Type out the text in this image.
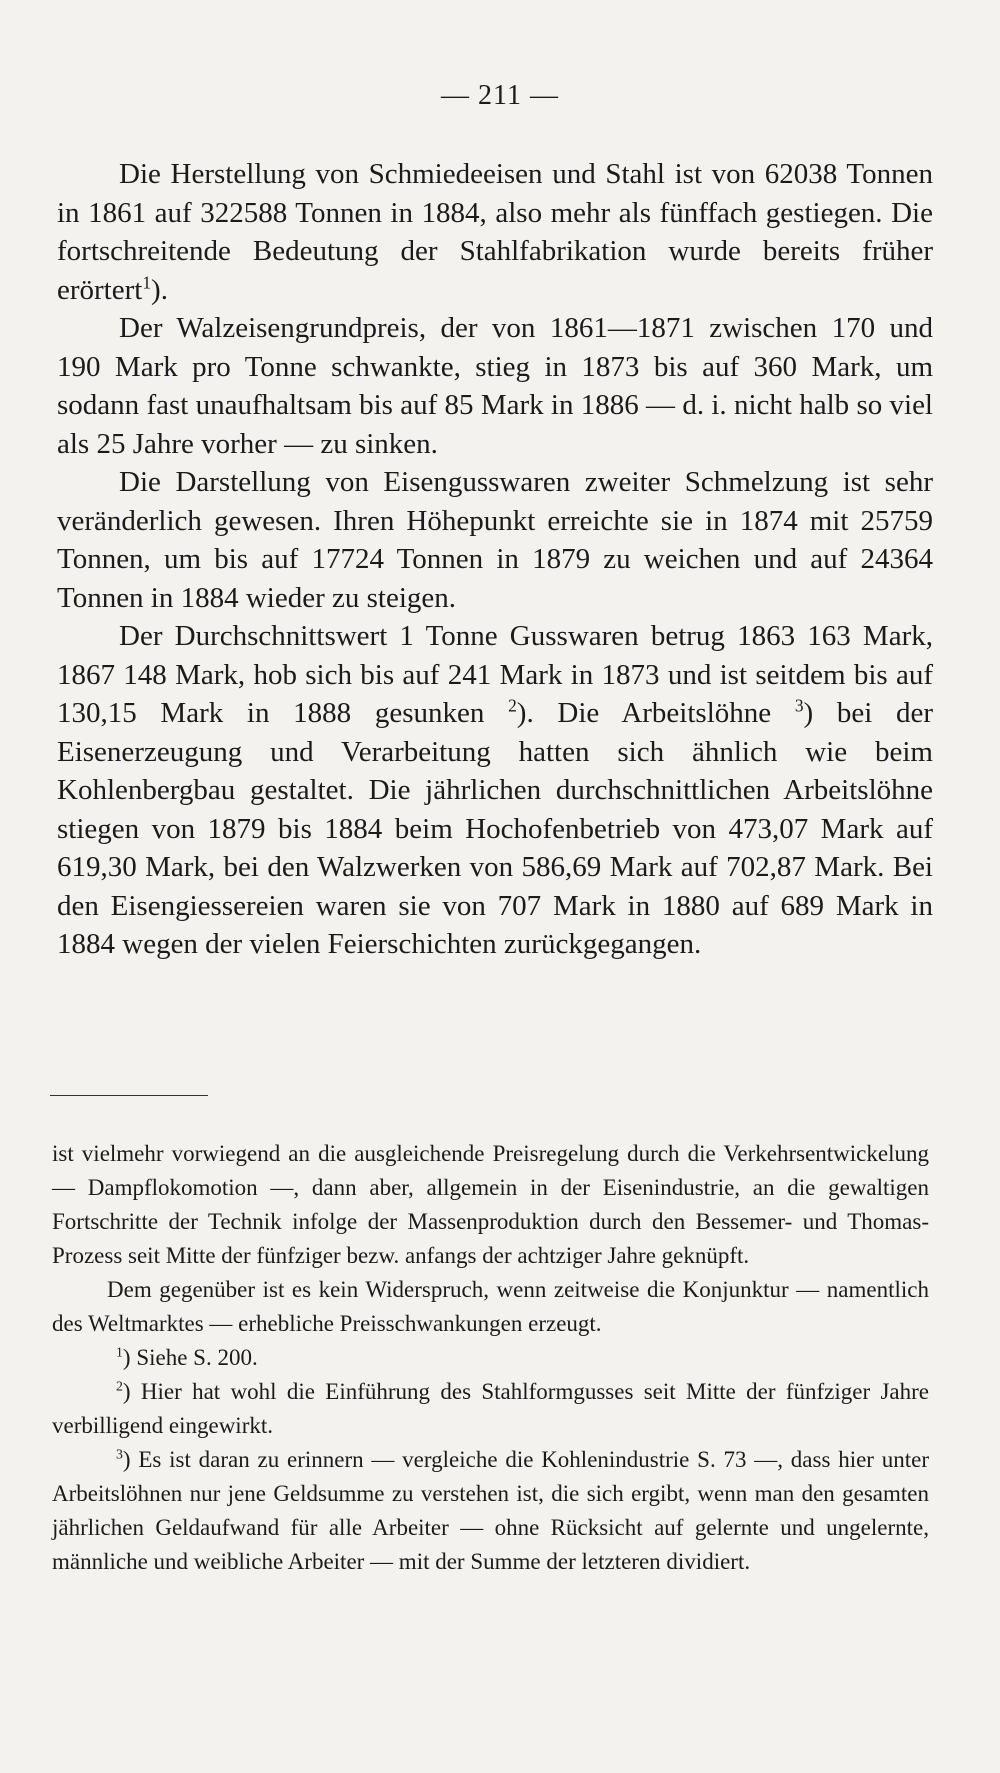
— 211 —

Die Herstellung von Schmiedeeisen und Stahl ist von 62038 Tonnen in 1861 auf 322588 Tonnen in 1884, also mehr als fünffach gestiegen. Die fortschreitende Bedeutung der Stahlfabrikation wurde bereits früher erörtert$^1$).

Der Walzeisengrundpreis, der von 1861—1871 zwischen 170 und 190 Mark pro Tonne schwankte, stieg in 1873 bis auf 360 Mark, um sodann fast unaufhaltsam bis auf 85 Mark in 1886 — d. i. nicht halb so viel als 25 Jahre vorher — zu sinken.

Die Darstellung von Eisengusswaren zweiter Schmelzung ist sehr veränderlich gewesen. Ihren Höhepunkt erreichte sie in 1874 mit 25759 Tonnen, um bis auf 17724 Tonnen in 1879 zu weichen und auf 24364 Tonnen in 1884 wieder zu steigen.

Der Durchschnittswert 1 Tonne Gusswaren betrug 1863 163 Mark, 1867 148 Mark, hob sich bis auf 241 Mark in 1873 und ist seitdem bis auf 130,15 Mark in 1888 gesunken $^2$). Die Arbeitslöhne $^3$) bei der Eisenerzeugung und Verarbeitung hatten sich ähnlich wie beim Kohlenbergbau gestaltet. Die jährlichen durchschnittlichen Arbeitslöhne stiegen von 1879 bis 1884 beim Hochofenbetrieb von 473,07 Mark auf 619,30 Mark, bei den Walzwerken von 586,69 Mark auf 702,87 Mark. Bei den Eisengiessereien waren sie von 707 Mark in 1880 auf 689 Mark in 1884 wegen der vielen Feierschichten zurückgegangen.

ist vielmehr vorwiegend an die ausgleichende Preisregelung durch die Verkehrsentwickelung — Dampflokomotion —, dann aber, allgemein in der Eisenindustrie, an die gewaltigen Fortschritte der Technik infolge der Massenproduktion durch den Bessemer- und Thomas-Prozess seit Mitte der fünfziger bezw. anfangs der achtziger Jahre geknüpft.

Dem gegenüber ist es kein Widerspruch, wenn zeitweise die Konjunktur — namentlich des Weltmarktes — erhebliche Preisschwankungen erzeugt.

$^1$) Siehe S. 200.

$^2$) Hier hat wohl die Einführung des Stahlformgusses seit Mitte der fünfziger Jahre verbilligend eingewirkt.

$^3$) Es ist daran zu erinnern — vergleiche die Kohlenindustrie S. 73 —, dass hier unter Arbeitslöhnen nur jene Geldsumme zu verstehen ist, die sich ergibt, wenn man den gesamten jährlichen Geldaufwand für alle Arbeiter — ohne Rücksicht auf gelernte und ungelernte, männliche und weibliche Arbeiter — mit der Summe der letzteren dividiert.
